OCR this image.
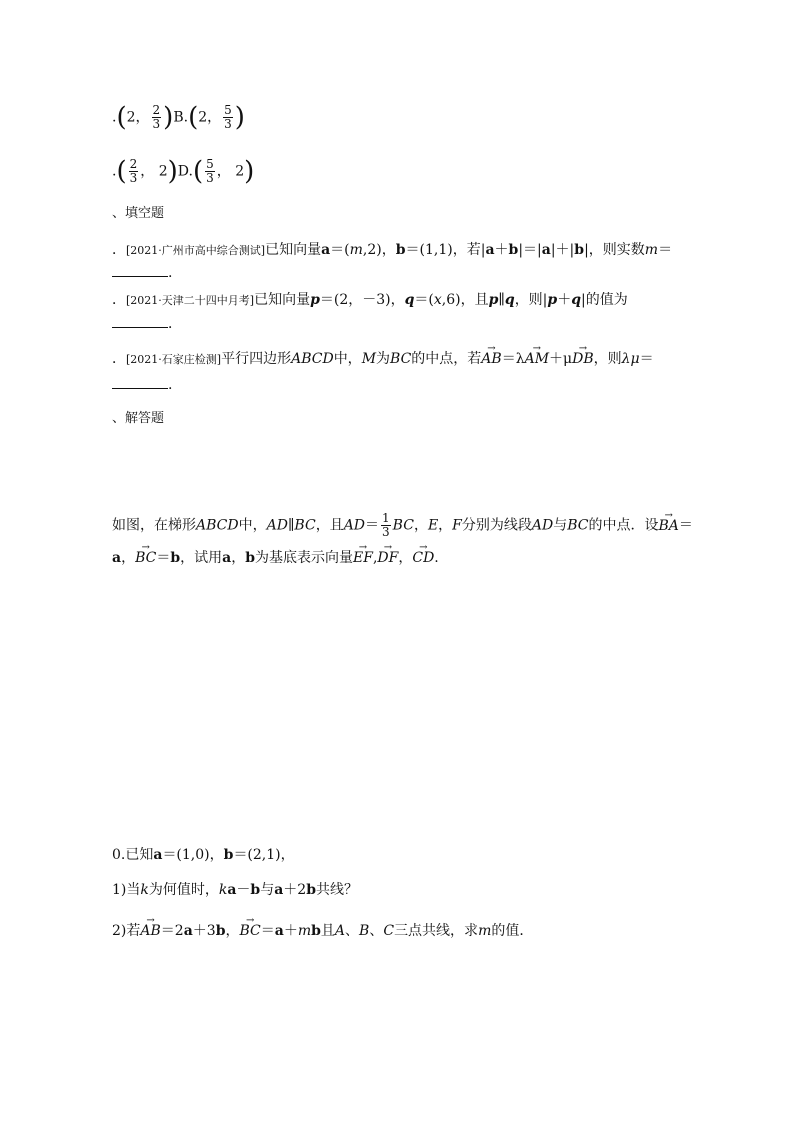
.(2， $\frac{2}{3} )B.(2$， $\frac{5}{3}$ )
.( $\frac{2}{3}$ ， $2)D.( \frac{5}{3}$ ， 2)
、填空题
．[2021·广州市高中综合测试]已知向量a＝(m,2)，b＝(1,1)，若|a＋b|＝|a|＋|b|，则实数m＝
.
．[2021·天津二十四中月考]已知向量p＝(2，－3)，q＝(x,6)，且p∥q，则|p＋q|的值为
．
．[2021·石家庄检测]平行四边形ABCD中，M为BC的中点，若→ AB＝λ→ AM＋μ→ DB，则λμ＝
.
、解答题
如图，在梯形ABCD中，AD∥BC，且$AD= \frac{1}{3}$ BC，E，F分别为线段AD与BC的中点．设→ BA＝
a，→ BC＝b，试用a，b为基底表示向量→ EF,→ DF，→ CD.
0.已知a＝(1,0)，b＝(2,1)，
1)当k为何值时，ka－b与a＋2b共线？
2)若→ AB＝2a＋3b，→ BC＝a＋mb且A、B、C三点共线，求m的值．
